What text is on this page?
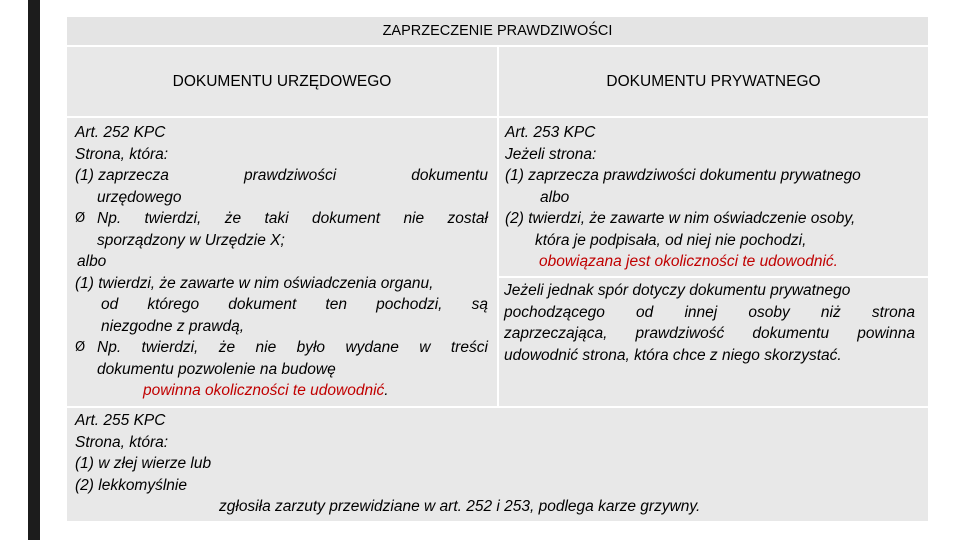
ZAPRZECZENIE PRAWDZIWOŚCI
DOKUMENTU URZĘDOWEGO	DOKUMENTU PRYWATNEGO
Art. 252 KPC
Strona, która:
(1) zaprzecza	prawdziwości	dokumentu
urzędowego
Ø Np. twierdzi, że taki dokument nie został
sporządzony w Urzędzie X;
albo
(1) twierdzi, że zawarte w nim oświadczenia organu,
od którego dokument ten pochodzi, są
niezgodne z prawdą,
Ø Np. twierdzi, że nie było wydane w treści
dokumentu pozwolenie na budowę
powinna okoliczności te udowodnić.
Art. 253 KPC
Jeżeli strona:
(1) zaprzecza prawdziwości dokumentu prywatnego
albo
(2) twierdzi, że zawarte w nim oświadczenie osoby,
która je podpisała, od niej nie pochodzi,
obowiązana jest okoliczności te udowodnić.
Jeżeli jednak spór dotyczy dokumentu prywatnego
pochodzącego od innej osoby niż strona
zaprzeczająca, prawdziwość dokumentu powinna
udowodnić strona, która chce z niego skorzystać.
Art. 255 KPC
Strona, która:
(1) w złej wierze lub
(2) lekkomyślnie
zgłosiła zarzuty przewidziane w art. 252 i 253, podlega karze grzywny.
